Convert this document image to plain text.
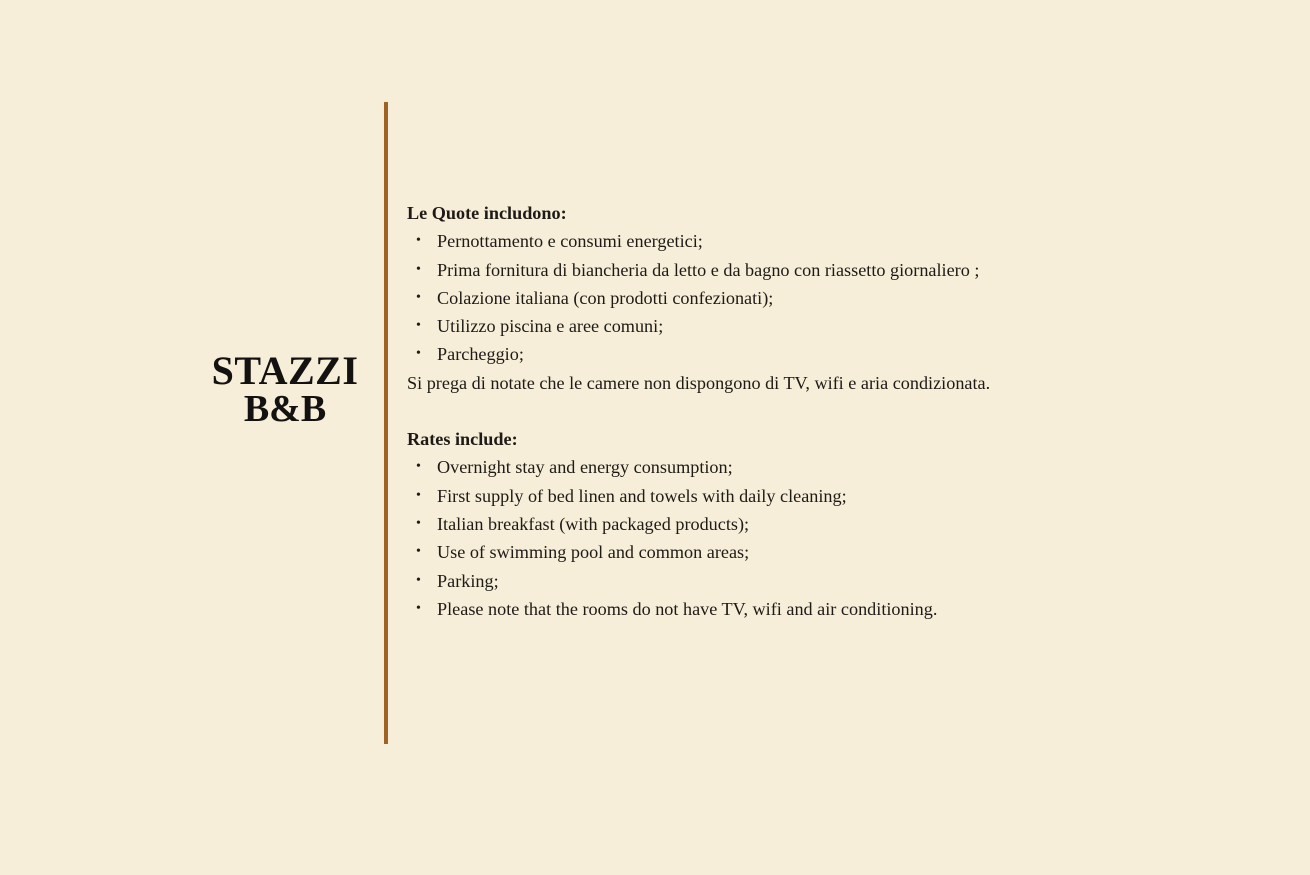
STAZZI
B&B
Le Quote includono:
• Pernottamento e consumi energetici;
• Prima fornitura di biancheria da letto e da bagno con riassetto giornaliero ;
• Colazione italiana (con prodotti confezionati);
• Utilizzo piscina e aree comuni;
• Parcheggio;
Si prega di notate che le camere non dispongono di TV, wifi e aria condizionata.
Rates include:
• Overnight stay and energy consumption;
• First supply of bed linen and towels with daily cleaning;
• Italian breakfast (with packaged products);
• Use of swimming pool and common areas;
• Parking;
• Please note that the rooms do not have TV, wifi and air conditioning.
